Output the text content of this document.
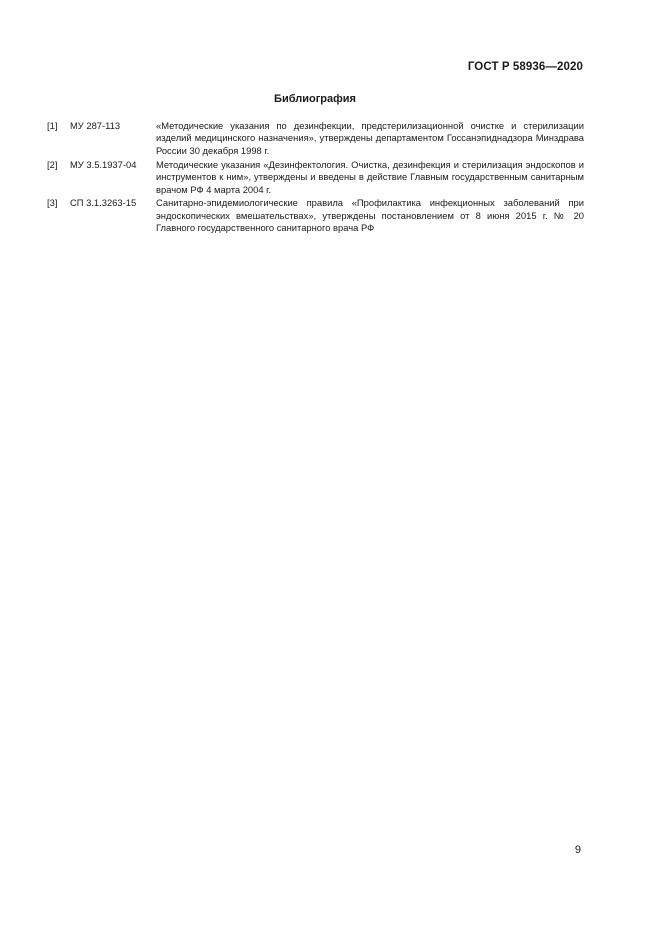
ГОСТ Р 58936—2020
Библиография
[1]	МУ 287-113	«Методические указания по дезинфекции, предстерилизационной очистке и стерилизации изделий медицинского назначения», утверждены департаментом Госсанэпиднадзора Минздрава России 30 декабря 1998 г.
[2]	МУ 3.5.1937-04	Методические указания «Дезинфектология. Очистка, дезинфекция и стерилизация эндоскопов и инструментов к ним», утверждены и введены в действие Главным государственным санитарным врачом РФ 4 марта 2004 г.
[3]	СП 3.1.3263-15	Санитарно-эпидемиологические правила «Профилактика инфекционных заболеваний при эндоскопических вмешательствах», утверждены постановлением от 8 июня 2015 г. № 20 Главного государственного санитарного врача РФ
9
